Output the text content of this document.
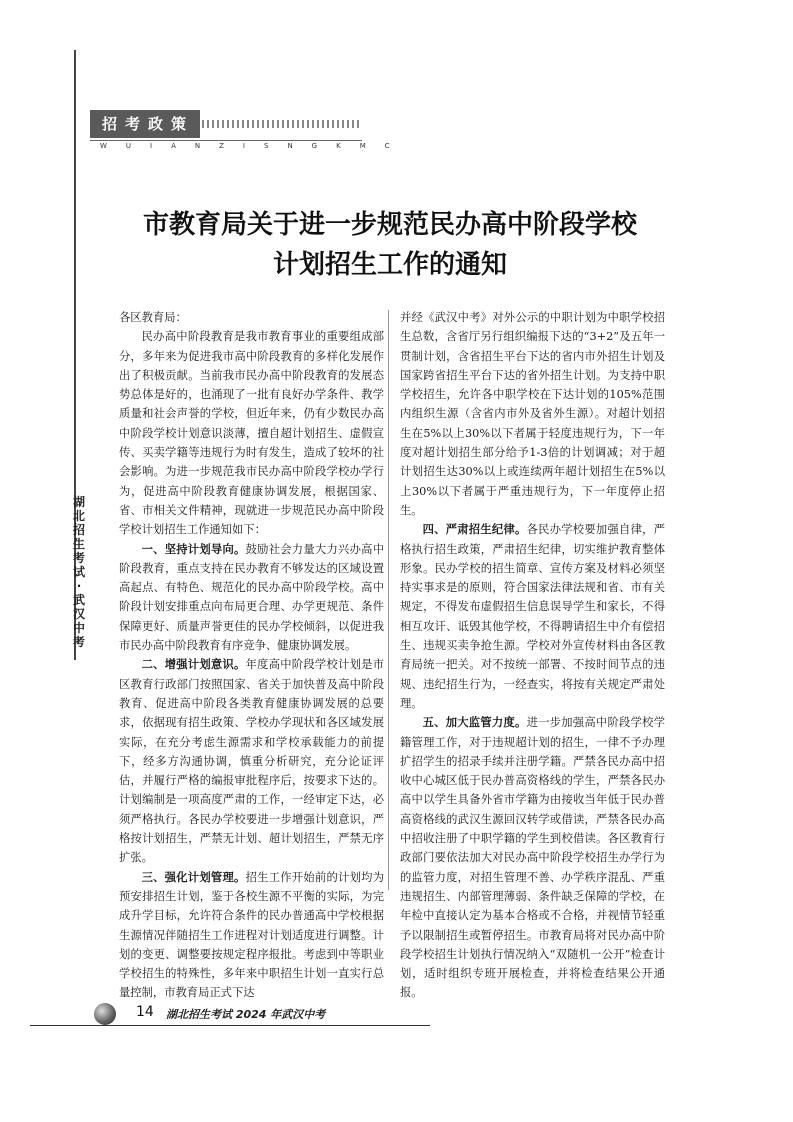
招考政策
WUIANZISNGKMC
市教育局关于进一步规范民办高中阶段学校
计划招生工作的通知
湖北招生考试·武汉中考

各区教育局：

民办高中阶段教育是我市教育事业的重要组成部分，多年来为促进我市高中阶段教育的多样化发展作出了积极贡献。当前我市民办高中阶段教育的发展态势总体是好的，也涌现了一批有良好办学条件、教学质量和社会声誉的学校，但近年来，仍有少数民办高中阶段学校计划意识淡薄，擅自超计划招生、虚假宣传、买卖学籍等违规行为时有发生，造成了较坏的社会影响。为进一步规范我市民办高中阶段学校办学行为，促进高中阶段教育健康协调发展，根据国家、省、市相关文件精神，现就进一步规范民办高中阶段学校计划招生工作通知如下：

一、坚持计划导向。鼓励社会力量大力兴办高中阶段教育，重点支持在民办教育不够发达的区域设置高起点、有特色、规范化的民办高中阶段学校。高中阶段计划安排重点向布局更合理、办学更规范、条件保障更好、质量声誉更佳的民办学校倾斜，以促进我市民办高中阶段教育有序竞争、健康协调发展。

二、增强计划意识。年度高中阶段学校计划是市区教育行政部门按照国家、省关于加快普及高中阶段教育、促进高中阶段各类教育健康协调发展的总要求，依据现有招生政策、学校办学现状和各区域发展实际，在充分考虑生源需求和学校承载能力的前提下，经多方沟通协调，慎重分析研究，充分论证评估，并履行严格的编报审批程序后，按要求下达的。计划编制是一项高度严肃的工作，一经审定下达，必须严格执行。各民办学校要进一步增强计划意识，严格按计划招生，严禁无计划、超计划招生，严禁无序扩张。

三、强化计划管理。招生工作开始前的计划均为预安排招生计划，鉴于各校生源不平衡的实际，为完成升学目标，允许符合条件的民办普通高中学校根据生源情况伴随招生工作进程对计划适度进行调整。计划的变更、调整要按规定程序报批。考虑到中等职业学校招生的特殊性，多年来中职招生计划一直实行总量控制，市教育局正式下达

并经《武汉中考》对外公示的中职计划为中职学校招生总数，含省厅另行组织编报下达的“3+2”及五年一贯制计划，含省招生平台下达的省内市外招生计划及国家跨省招生平台下达的省外招生计划。为支持中职学校招生，允许各中职学校在下达计划的105%范围内组织生源（含省内市外及省外生源）。对超计划招生在5%以上30%以下者属于轻度违规行为，下一年度对超计划招生部分给予1-3倍的计划调减；对于超计划招生达30%以上或连续两年超计划招生在5%以上30%以下者属于严重违规行为，下一年度停止招生。

四、严肃招生纪律。各民办学校要加强自律，严格执行招生政策，严肃招生纪律，切实维护教育整体形象。民办学校的招生简章、宣传方案及材料必须坚持实事求是的原则，符合国家法律法规和省、市有关规定，不得发布虚假招生信息误导学生和家长，不得相互攻讦、诋毁其他学校，不得聘请招生中介有偿招生、违规买卖争抢生源。学校对外宣传材料由各区教育局统一把关。对不按统一部署、不按时间节点的违规、违纪招生行为，一经查实，将按有关规定严肃处理。

五、加大监管力度。进一步加强高中阶段学校学籍管理工作，对于违规超计划的招生，一律不予办理扩招学生的招录手续并注册学籍。严禁各民办高中招收中心城区低于民办普高资格线的学生，严禁各民办高中以学生具备外省市学籍为由接收当年低于民办普高资格线的武汉生源回汉转学或借读，严禁各民办高中招收注册了中职学籍的学生到校借读。各区教育行政部门要依法加大对民办高中阶段学校招生办学行为的监管力度，对招生管理不善、办学秩序混乱、严重违规招生、内部管理薄弱、条件缺乏保障的学校，在年检中直接认定为基本合格或不合格，并视情节轻重予以限制招生或暂停招生。市教育局将对民办高中阶段学校招生计划执行情况纳入“双随机一公开”检查计划，适时组织专班开展检查，并将检查结果公开通报。

14 湖北招生考试 2024 年武汉中考
